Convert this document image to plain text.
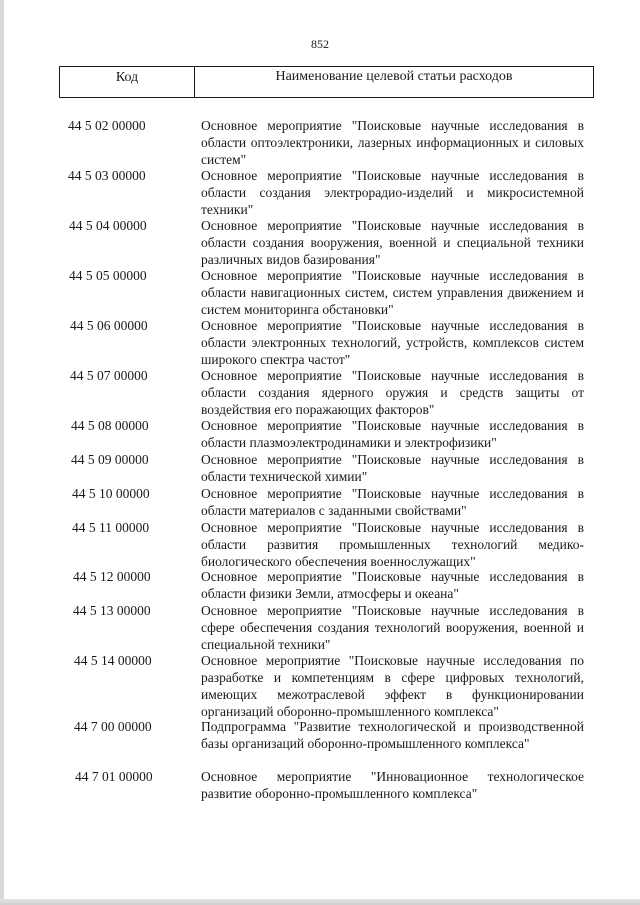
852
Код	Наименование целевой статьи расходов
44 5 02 00000	Основное мероприятие "Поисковые научные исследования в области оптоэлектроники, лазерных информационных и силовых систем"
44 5 03 00000	Основное мероприятие "Поисковые научные исследования в области создания электрорадио-изделий и микросистемной техники"
44 5 04 00000	Основное мероприятие "Поисковые научные исследования в области создания вооружения, военной и специальной техники различных видов базирования"
44 5 05 00000	Основное мероприятие "Поисковые научные исследования в области навигационных систем, систем управления движением и систем мониторинга обстановки"
44 5 06 00000	Основное мероприятие "Поисковые научные исследования в области электронных технологий, устройств, комплексов систем широкого спектра частот"
44 5 07 00000	Основное мероприятие "Поисковые научные исследования в области создания ядерного оружия и средств защиты от воздействия его поражающих факторов"
44 5 08 00000	Основное мероприятие "Поисковые научные исследования в области плазмоэлектродинамики и электрофизики"
44 5 09 00000	Основное мероприятие "Поисковые научные исследования в области технической химии"
44 5 10 00000	Основное мероприятие "Поисковые научные исследования в области материалов с заданными свойствами"
44 5 11 00000	Основное мероприятие "Поисковые научные исследования в области развития промышленных технологий медико-биологического обеспечения военнослужащих"
44 5 12 00000	Основное мероприятие "Поисковые научные исследования в области физики Земли, атмосферы и океана"
44 5 13 00000	Основное мероприятие "Поисковые научные исследования в сфере обеспечения создания технологий вооружения, военной и специальной техники"
44 5 14 00000	Основное мероприятие "Поисковые научные исследования по разработке и компетенциям в сфере цифровых технологий, имеющих межотраслевой эффект в функционировании организаций оборонно-промышленного комплекса"
44 7 00 00000	Подпрограмма "Развитие технологической и производственной базы организаций оборонно-промышленного комплекса"
44 7 01 00000	Основное мероприятие "Инновационное технологическое развитие оборонно-промышленного комплекса"
